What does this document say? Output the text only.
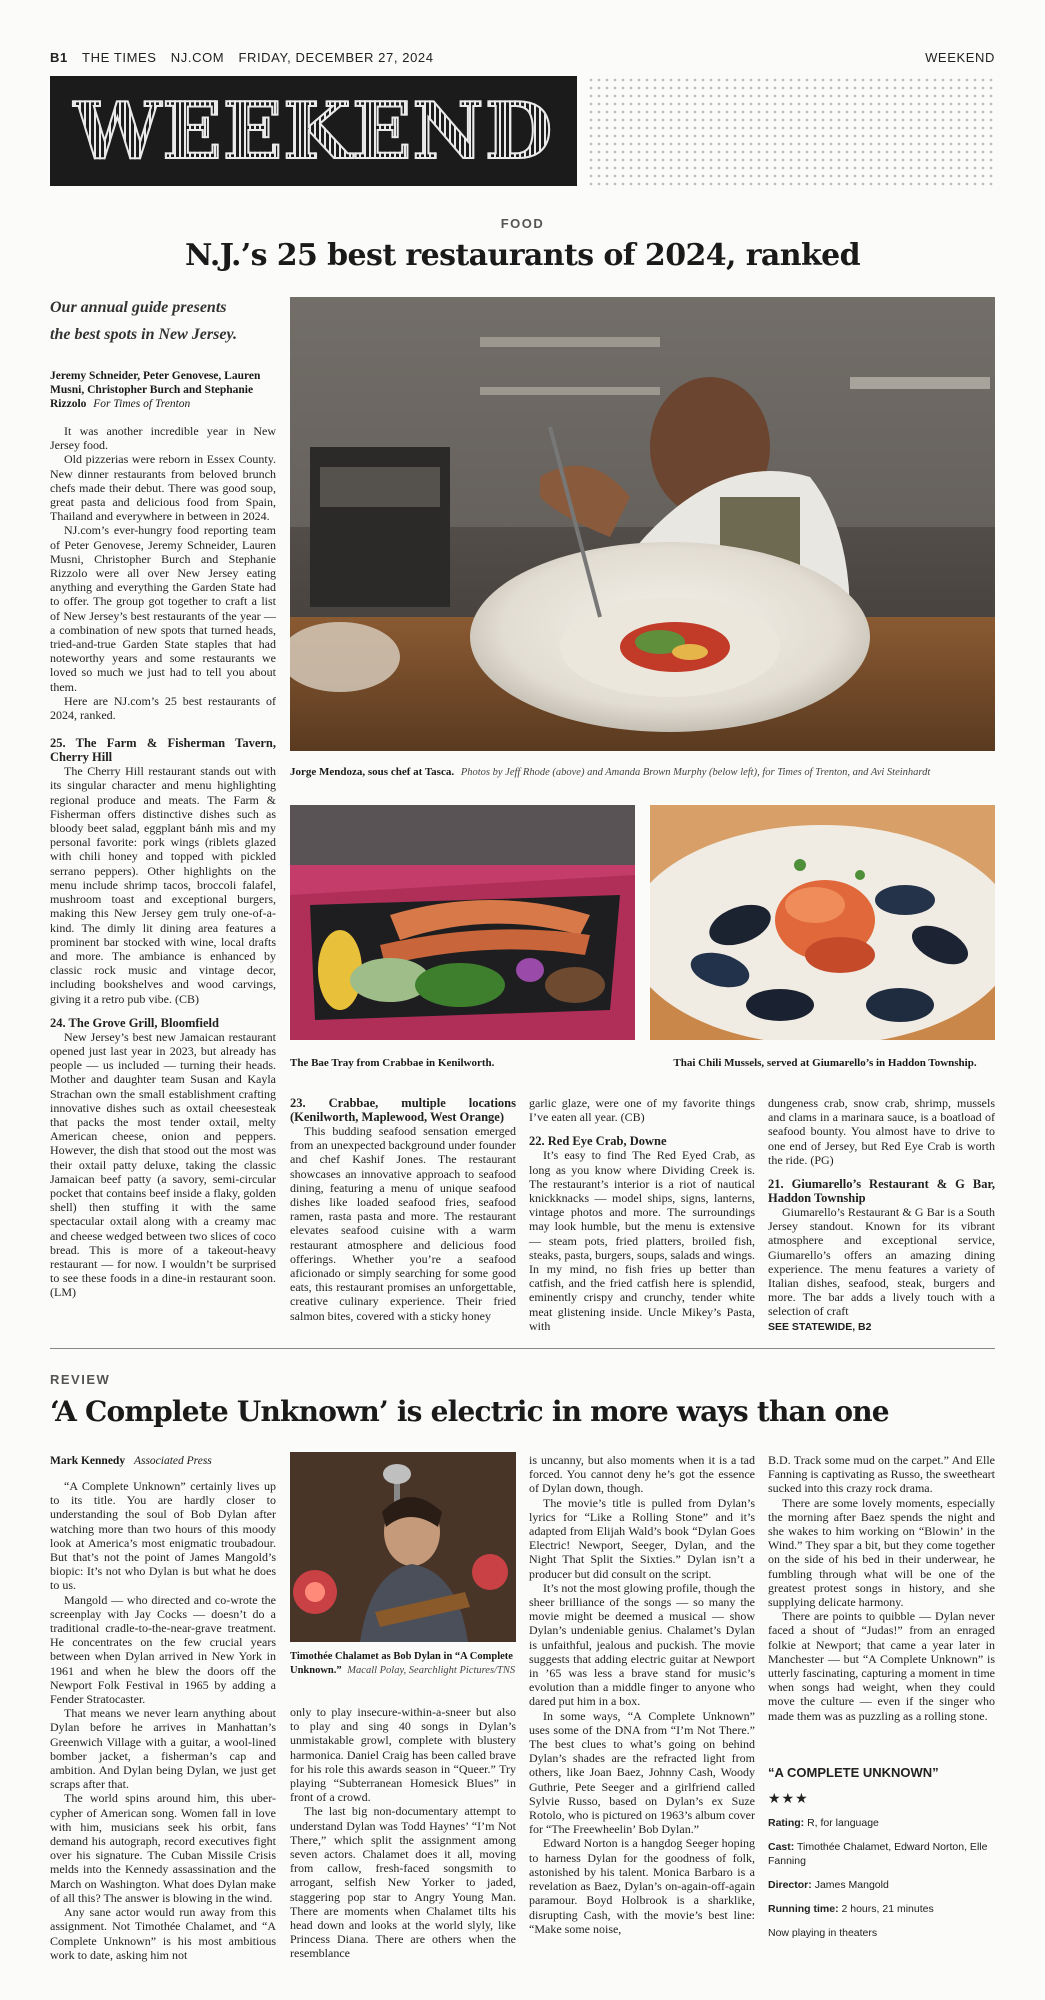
B1 THE TIMES NJ.COM FRIDAY, DECEMBER 27, 2024	WEEKEND
WEEKEND
FOOD
N.J.’s 25 best restaurants of 2024, ranked
Our annual guide presents the best spots in New Jersey.
Jeremy Schneider, Peter Genovese, Lauren Musni, Christopher Burch and Stephanie Rizzolo For Times of Trenton

It was another incredible year in New Jersey food.

Old pizzerias were reborn in Essex County. New dinner restaurants from beloved brunch chefs made their debut. There was good soup, great pasta and delicious food from Spain, Thailand and everywhere in between in 2024.

NJ.com’s ever-hungry food reporting team of Peter Genovese, Jeremy Schneider, Lauren Musni, Christopher Burch and Stephanie Rizzolo were all over New Jersey eating anything and everything the Garden State had to offer. The group got together to craft a list of New Jersey’s best restaurants of the year — a combination of new spots that turned heads, tried-and-true Garden State staples that had noteworthy years and some restaurants we loved so much we just had to tell you about them.

Here are NJ.com’s 25 best restaurants of 2024, ranked.

25. The Farm & Fisherman Tavern, Cherry Hill

The Cherry Hill restaurant stands out with its singular character and menu highlighting regional produce and meats. The Farm & Fisherman offers distinctive dishes such as bloody beet salad, eggplant bánh mìs and my personal favorite: pork wings (riblets glazed with chili honey and topped with pickled serrano peppers). Other highlights on the menu include shrimp tacos, broccoli falafel, mushroom toast and exceptional burgers, making this New Jersey gem truly one-of-a-kind. The dimly lit dining area features a prominent bar stocked with wine, local drafts and more. The ambiance is enhanced by classic rock music and vintage decor, including bookshelves and wood carvings, giving it a retro pub vibe. (CB)

24. The Grove Grill, Bloomfield

New Jersey’s best new Jamaican restaurant opened just last year in 2023, but already has people — us included — turning their heads. Mother and daughter team Susan and Kayla Strachan own the small establishment crafting innovative dishes such as oxtail cheesesteak that packs the most tender oxtail, melty American cheese, onion and peppers. However, the dish that stood out the most was their oxtail patty deluxe, taking the classic Jamaican beef patty (a savory, semi-circular pocket that contains beef inside a flaky, golden shell) then stuffing it with the same spectacular oxtail along with a creamy mac and cheese wedged between two slices of coco bread. This is more of a takeout-heavy restaurant — for now. I wouldn’t be surprised to see these foods in a dine-in restaurant soon. (LM)

Jorge Mendoza, sous chef at Tasca. Photos by Jeff Rhode (above) and Amanda Brown Murphy (below left), for Times of Trenton, and Avi Steinhardt
The Bae Tray from Crabbae in Kenilworth.	Thai Chili Mussels, served at Giumarello’s in Haddon Township.
23. Crabbae, multiple locations (Kenilworth, Maplewood, West Orange)

This budding seafood sensation emerged from an unexpected background under founder and chef Kashif Jones. The restaurant showcases an innovative approach to seafood dining, featuring a menu of unique seafood dishes like loaded seafood fries, seafood ramen, rasta pasta and more. The restaurant elevates seafood cuisine with a warm restaurant atmosphere and delicious food offerings. Whether you’re a seafood aficionado or simply searching for some good eats, this restaurant promises an unforgettable, creative culinary experience. Their fried salmon bites, covered with a sticky honey

garlic glaze, were one of my favorite things I’ve eaten all year. (CB)

22. Red Eye Crab, Downe

It’s easy to find The Red Eyed Crab, as long as you know where Dividing Creek is. The restaurant’s interior is a riot of nautical knickknacks — model ships, signs, lanterns, vintage photos and more. The surroundings may look humble, but the menu is extensive — steam pots, fried platters, broiled fish, steaks, pasta, burgers, soups, salads and wings. In my mind, no fish fries up better than catfish, and the fried catfish here is splendid, eminently crispy and crunchy, tender white meat glistening inside. Uncle Mikey’s Pasta, with

dungeness crab, snow crab, shrimp, mussels and clams in a marinara sauce, is a boatload of seafood bounty. You almost have to drive to one end of Jersey, but Red Eye Crab is worth the ride. (PG)

21. Giumarello’s Restaurant & G Bar, Haddon Township

Giumarello’s Restaurant & G Bar is a South Jersey standout. Known for its vibrant atmosphere and exceptional service, Giumarello’s offers an amazing dining experience. The menu features a variety of Italian dishes, seafood, steak, burgers and more. The bar adds a lively touch with a selection of craft

SEE STATEWIDE, B2
REVIEW
‘A Complete Unknown’ is electric in more ways than one
Mark Kennedy Associated Press

“A Complete Unknown” certainly lives up to its title. You are hardly closer to understanding the soul of Bob Dylan after watching more than two hours of this moody look at America’s most enigmatic troubadour. But that’s not the point of James Mangold’s biopic: It’s not who Dylan is but what he does to us.

Mangold — who directed and co-wrote the screenplay with Jay Cocks — doesn’t do a traditional cradle-to-the-near-grave treatment. He concentrates on the few crucial years between when Dylan arrived in New York in 1961 and when he blew the doors off the Newport Folk Festival in 1965 by adding a Fender Stratocaster.

That means we never learn anything about Dylan before he arrives in Manhattan’s Greenwich Village with a guitar, a wool-lined bomber jacket, a fisherman’s cap and ambition. And Dylan being Dylan, we just get scraps after that.

The world spins around him, this uber-cypher of American song. Women fall in love with him, musicians seek his orbit, fans demand his autograph, record executives fight over his signature. The Cuban Missile Crisis melds into the Kennedy assassination and the March on Washington. What does Dylan make of all this? The answer is blowing in the wind.

Any sane actor would run away from this assignment. Not Timothée Chalamet, and “A Complete Unknown” is his most ambitious work to date, asking him not

Timothée Chalamet as Bob Dylan in “A Complete Unknown.” Macall Polay, Searchlight Pictures/TNS

only to play insecure-within-a-sneer but also to play and sing 40 songs in Dylan’s unmistakable growl, complete with blustery harmonica. Daniel Craig has been called brave for his role this awards season in “Queer.” Try playing “Subterranean Homesick Blues” in front of a crowd.

The last big non-documentary attempt to understand Dylan was Todd Haynes’ “I’m Not There,” which split the assignment among seven actors. Chalamet does it all, moving from callow, fresh-faced songsmith to arrogant, selfish New Yorker to jaded, staggering pop star to Angry Young Man. There are moments when Chalamet tilts his head down and looks at the world slyly, like Princess Diana. There are others when the resemblance

is uncanny, but also moments when it is a tad forced. You cannot deny he’s got the essence of Dylan down, though.

The movie’s title is pulled from Dylan’s lyrics for “Like a Rolling Stone” and it’s adapted from Elijah Wald’s book “Dylan Goes Electric! Newport, Seeger, Dylan, and the Night That Split the Sixties.” Dylan isn’t a producer but did consult on the script.

It’s not the most glowing profile, though the sheer brilliance of the songs — so many the movie might be deemed a musical — show Dylan’s undeniable genius. Chalamet’s Dylan is unfaithful, jealous and puckish. The movie suggests that adding electric guitar at Newport in ’65 was less a brave stand for music’s evolution than a middle finger to anyone who dared put him in a box.

In some ways, “A Complete Unknown” uses some of the DNA from “I’m Not There.” The best clues to what’s going on behind Dylan’s shades are the refracted light from others, like Joan Baez, Johnny Cash, Woody Guthrie, Pete Seeger and a girlfriend called Sylvie Russo, based on Dylan’s ex Suze Rotolo, who is pictured on 1963’s album cover for “The Freewheelin’ Bob Dylan.”

Edward Norton is a hangdog Seeger hoping to harness Dylan for the goodness of folk, astonished by his talent. Monica Barbaro is a revelation as Baez, Dylan’s on-again-off-again paramour. Boyd Holbrook is a sharklike, disrupting Cash, with the movie’s best line: “Make some noise,

B.D. Track some mud on the carpet.” And Elle Fanning is captivating as Russo, the sweetheart sucked into this crazy rock drama.

There are some lovely moments, especially the morning after Baez spends the night and she wakes to him working on “Blowin’ in the Wind.” They spar a bit, but they come together on the side of his bed in their underwear, he fumbling through what will be one of the greatest protest songs in history, and she supplying delicate harmony.

There are points to quibble — Dylan never faced a shout of “Judas!” from an enraged folkie at Newport; that came a year later in Manchester — but “A Complete Unknown” is utterly fascinating, capturing a moment in time when songs had weight, when they could move the culture — even if the singer who made them was as puzzling as a rolling stone.

“A COMPLETE UNKNOWN”
★★★
Rating: R, for language
Cast: Timothée Chalamet, Edward Norton, Elle Fanning
Director: James Mangold
Running time: 2 hours, 21 minutes
Now playing in theaters
